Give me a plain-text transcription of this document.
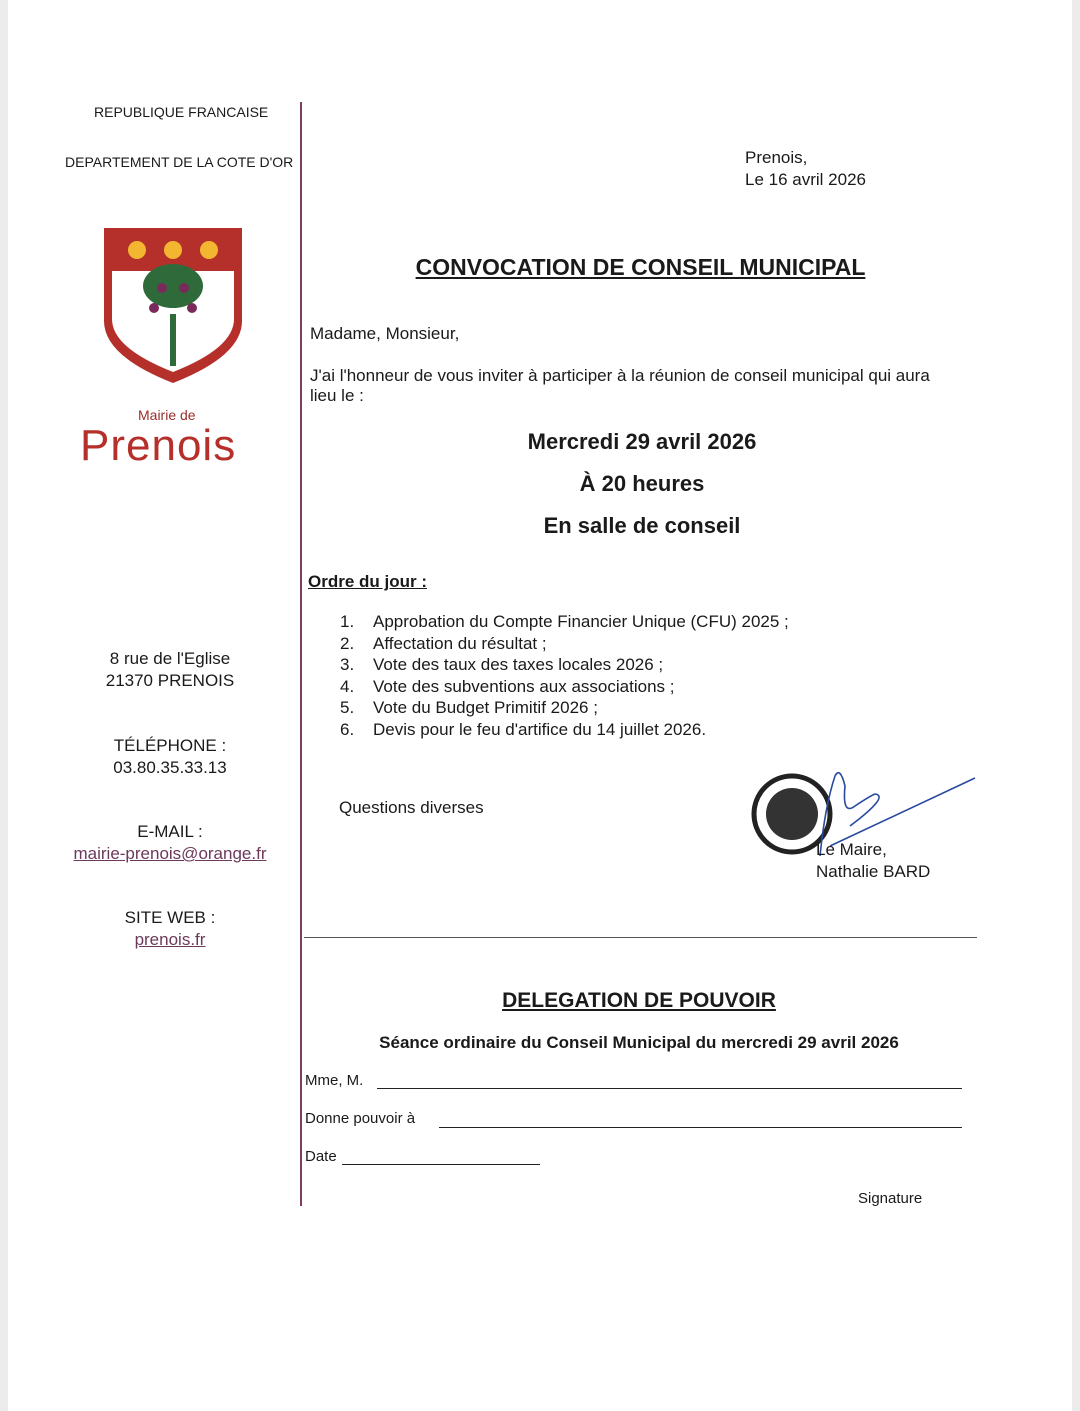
REPUBLIQUE FRANCAISE
DEPARTEMENT DE LA COTE D'OR
Mairie de
Prenois
8 rue de l'Eglise
21370 PRENOIS
TÉLÉPHONE :
03.80.35.33.13
E-MAIL :
mairie-prenois@orange.fr
SITE WEB :
prenois.fr
Prenois,
Le 16 avril 2026
CONVOCATION DE CONSEIL MUNICIPAL
Madame, Monsieur,
J'ai l'honneur de vous inviter à participer à la réunion de conseil municipal qui aura
lieu le :
Mercredi 29 avril 2026
À 20 heures
En salle de conseil
Ordre du jour :
1. Approbation du Compte Financier Unique (CFU) 2025 ;
2. Affectation du résultat ;
3. Vote des taux des taxes locales 2026 ;
4. Vote des subventions aux associations ;
5. Vote du Budget Primitif 2026 ;
6. Devis pour le feu d'artifice du 14 juillet 2026.
Questions diverses
Le Maire,
Nathalie BARD
DELEGATION DE POUVOIR
Séance ordinaire du Conseil Municipal du mercredi 29 avril 2026
Mme, M.
Donne pouvoir à
Date
Signature
